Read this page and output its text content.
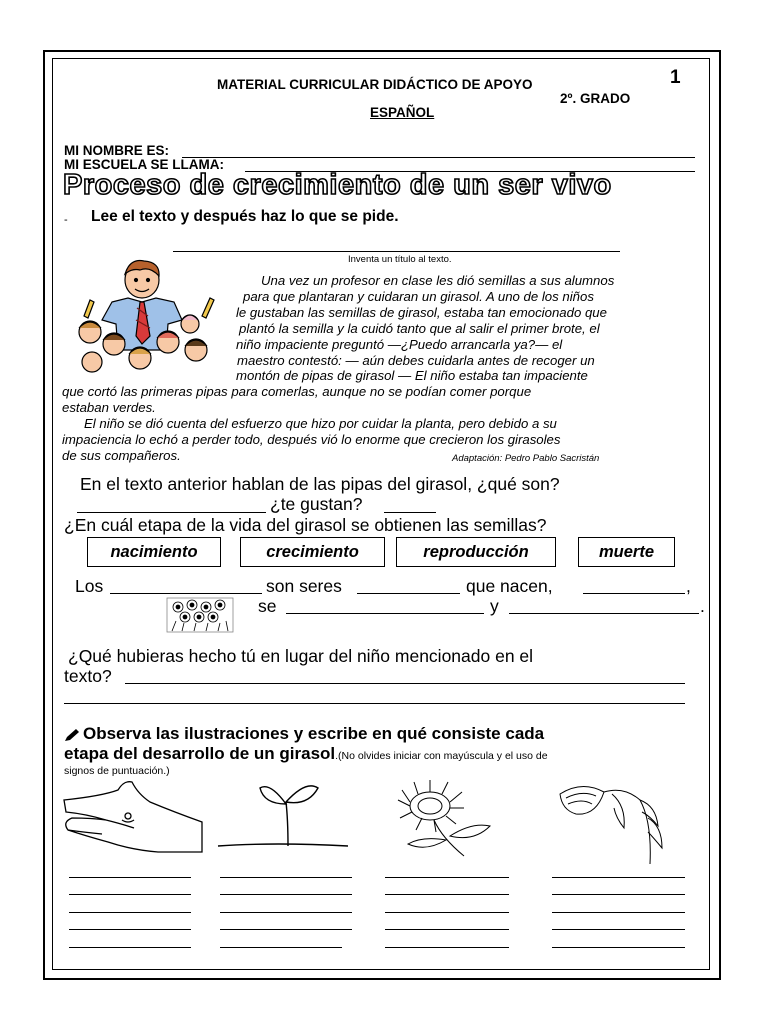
1
MATERIAL CURRICULAR DIDÁCTICO DE APOYO
2º. GRADO
ESPAÑOL
MI NOMBRE ES:
MI ESCUELA SE LLAMA:
Proceso de crecimiento de un ser vivo
- Lee el texto y después haz lo que se pide.
Inventa un título al texto.
Una vez un profesor en clase les dió semillas a sus alumnos
para que plantaran y cuidaran un girasol. A uno de los niños
le gustaban las semillas de girasol, estaba tan emocionado que
plantó la semilla y la cuidó tanto que al salir el primer brote, el
niño impaciente preguntó —¿Puedo arrancarla ya?— el
maestro contestó: — aún debes cuidarla antes de recoger un
montón de pipas de girasol — El niño estaba tan impaciente
que cortó las primeras pipas para comerlas, aunque no se podían comer porque
estaban verdes.
El niño se dió cuenta del esfuerzo que hizo por cuidar la planta, pero debido a su
impaciencia lo echó a perder todo, después vió lo enorme que crecieron los girasoles
de sus compañeros.	Adaptación: Pedro Pablo Sacristán
En el texto anterior hablan de las pipas del girasol, ¿qué son?
¿te gustan?
¿En cuál etapa de la vida del girasol se obtienen las semillas?
nacimiento	crecimiento	reproducción	muerte
Los	son seres	que nacen,	,
se	y	.
¿Qué hubieras hecho tú en lugar del niño mencionado en el
texto?
Observa las ilustraciones y escribe en qué consiste cada
etapa del desarrollo de un girasol.(No olvides iniciar con mayúscula y el uso de
signos de puntuación.)
